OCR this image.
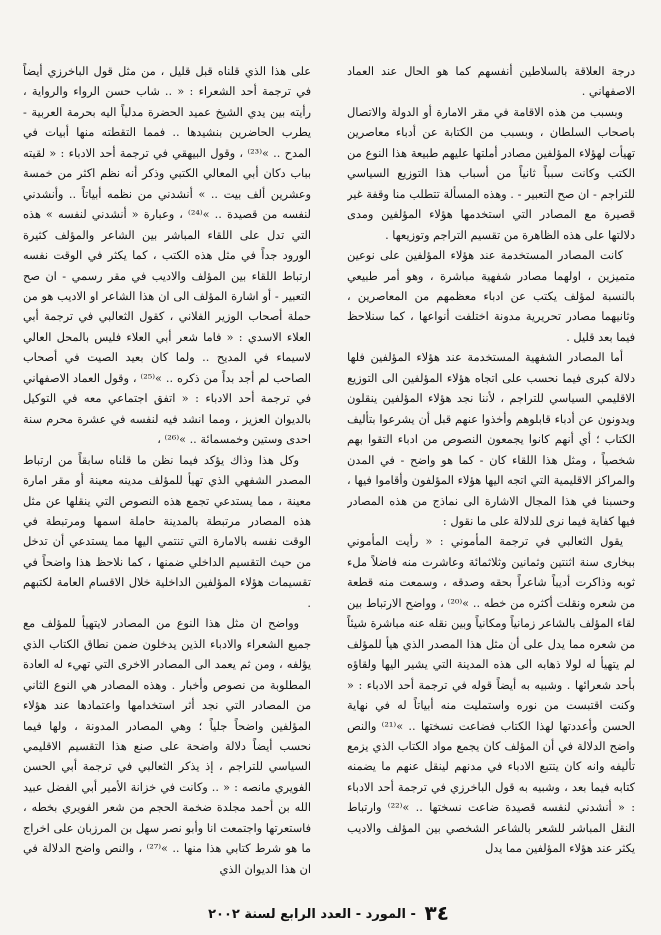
درجة العلاقة بالسلاطين أنفسهم كما هو الحال عند العماد الاصفهاني .

وبسبب من هذه الاقامة في مقر الامارة أو الدولة والاتصال باصحاب السلطان ، وبسبب من الكتابة عن أدباء معاصرين تهيأت لهؤلاء المؤلفين مصادر أملتها عليهم طبيعة هذا النوع من الكتب وكانت سبباً ثانياً من أسباب هذا التوزيع السياسي للتراجم - ان صح التعبير - . وهذه المسألة تتطلب منا وقفة غير قصيرة مع المصادر التي استخدمها هؤلاء المؤلفين ومدى دلالتها على هذه الظاهرة من تقسيم التراجم وتوزيعها .

كانت المصادر المستخدمة عند هؤلاء المؤلفين على نوعين متميزين ، اولهما مصادر شفهية مباشرة ، وهو أمر طبيعي بالنسبة لمؤلف يكتب عن ادباء معظمهم من المعاصرين ، وثانيهما مصادر تحريرية مدونة اختلفت أنواعها ، كما سنلاحظ فيما بعد قليل .

أما المصادر الشفهية المستخدمة عند هؤلاء المؤلفين فلها دلالة كبرى فيما نحسب على اتجاه هؤلاء المؤلفين الى التوزيع الاقليمي السياسي للتراجم ، لأننا نجد هؤلاء المؤلفين ينقلون ويدونون عن أدباء قابلوهم وأخذوا عنهم قبل أن يشرعوا بتأليف الكتاب ؛ أي أنهم كانوا يجمعون النصوص من ادباء التقوا بهم شخصياً ، ومثل هذا اللقاء كان - كما هو واضح - في المدن والمراكز الاقليمية التي اتجه اليها هؤلاء المؤلفون وأقاموا فيها ، وحسبنا في هذا المجال الاشارة الى نماذج من هذه المصادر فيها كفاية فيما نرى للدلالة على ما نقول :

يقول الثعالبي في ترجمة المأموني : « رأيت المأموني ببخارى سنة اثنتين وثمانين وثلاثمائة وعاشرت منه فاضلاً ملء ثوبه وذاكرت أديباً شاعراً بحقه وصدقه ، وسمعت منه قطعة من شعره ونقلت أكثره من خطه .. »⁽²⁰⁾ ، وواضح الارتباط بين لقاء المؤلف بالشاعر زمانياً ومكانياً وبين نقله عنه مباشرة شيئاً من شعره مما يدل على أن مثل هذا المصدر الذي هيأ للمؤلف لم يتهيأ له لولا ذهابه الى هذه المدينة التي يشير اليها ولقاؤه بأحد شعرائها . وشبيه به أيضاً قوله في ترجمة أحد الادباء : « وكنت اقتبست من نوره واستمليت منه أبياتاً له في نهاية الحسن وأعددتها لهذا الكتاب فضاعت نسختها .. »⁽²¹⁾ والنص واضح الدلالة في أن المؤلف كان يجمع مواد الكتاب الذي يزمع تأليفه وانه كان يتتبع الادباء في مدنهم لينقل عنهم ما يضمنه كتابه فيما بعد ، وشبيه به قول الباخرزي في ترجمة أحد الادباء : « أنشدني لنفسه قصيدة ضاعت نسختها .. »⁽²²⁾ وارتباط النقل المباشر للشعر بالشاعر الشخصي بين المؤلف والاديب يكثر عند هؤلاء المؤلفين مما يدل

على هذا الذي قلناه قبل قليل ، من مثل قول الباخرزي أيضاً في ترجمة أحد الشعراء : « .. شاب حسن الرواء والرواية ، رأيته بين يدي الشيخ عميد الحضرة مدلياً اليه بحرمة العربية - يطرب الحاضرين بنشيدها .. فمما التقطته منها أبيات في المدح .. »⁽²³⁾ ، وقول البيهقي في ترجمة أحد الادباء : « لقيته بباب دكان أبي المعالي الكتبي وذكر أنه نظم اكثر من خمسة وعشرين ألف بيت .. » أنشدني من نظمه أبياتاً .. وأنشدني لنفسه من قصيدة .. »⁽²⁴⁾ ، وعبارة « أنشدني لنفسه » هذه التي تدل على اللقاء المباشر بين الشاعر والمؤلف كثيرة الورود جداً في مثل هذه الكتب ، كما يكثر في الوقت نفسه ارتباط اللقاء بين المؤلف والاديب في مقر رسمي - ان صح التعبير - أو اشارة المؤلف الى ان هذا الشاعر او الاديب هو من حملة أصحاب الوزير الفلاني ، كقول الثعالبي في ترجمة أبي العلاء الاسدي : « فاما شعر أبي العلاء فليس بالمحل العالي لاسيماء في المديح .. ولما كان بعيد الصيت في أصحاب الصاحب لم أجد بداً من ذكره .. »⁽²⁵⁾ ، وقول العماد الاصفهاني في ترجمة أحد الادباء : « اتفق اجتماعي معه في التوكيل بالديوان العزيز ، ومما انشد فيه لنفسه في عشرة محرم سنة احدى وستين وخمسمائة .. »⁽²⁶⁾ ،

وكل هذا وذاك يؤكد فيما نظن ما قلناه سابقاً من ارتباط المصدر الشفهي الذي تهيأ للمؤلف مدينه معينة أو مقر امارة معينة ، مما يستدعي تجمع هذه النصوص التي ينقلها عن مثل هذه المصادر مرتبطة بالمدينة حاملة اسمها ومرتبطة في الوقت نفسه بالامارة التي تنتمي اليها مما يستدعي أن تدخل من حيث التقسيم الداخلي ضمنها ، كما نلاحظ هذا واضحاً في تقسيمات هؤلاء المؤلفين الداخلية خلال الاقسام العامة لكتبهم .

وواضح ان مثل هذا النوع من المصادر لايتهيأ للمؤلف مع جميع الشعراء والادباء الذين يدخلون ضمن نطاق الكتاب الذي يؤلفه ، ومن ثم يعمد الى المصادر الاخرى التي تهيء له العادة المطلوبة من نصوص وأخبار . وهذه المصادر هي النوع الثاني من المصادر التي نجد أثر استخدامها واعتمادها عند هؤلاء المؤلفين واضحاً جلياً ؛ وهي المصادر المدونة ، ولها فيما نحسب أيضاً دلالة واضحة على صنع هذا التقسيم الاقليمي السياسي للتراجم ، إذ يذكر الثعالبي في ترجمة أبي الحسن الفويري مانصه : « .. وكانت في خزانة الأمير أبي الفضل عبيد الله بن أحمد مجلدة ضخمة الحجم من شعر الفويري بخطه ، فاستعرتها واجتمعت انا وأبو نصر سهل بن المرزبان على اخراج ما هو شرط كتابي هذا منها .. »⁽²⁷⁾ ، والنص واضح الدلالة في ان هذا الديوان الذي

٣٤ - المورد - العدد الرابع لسنة ٢٠٠٢
